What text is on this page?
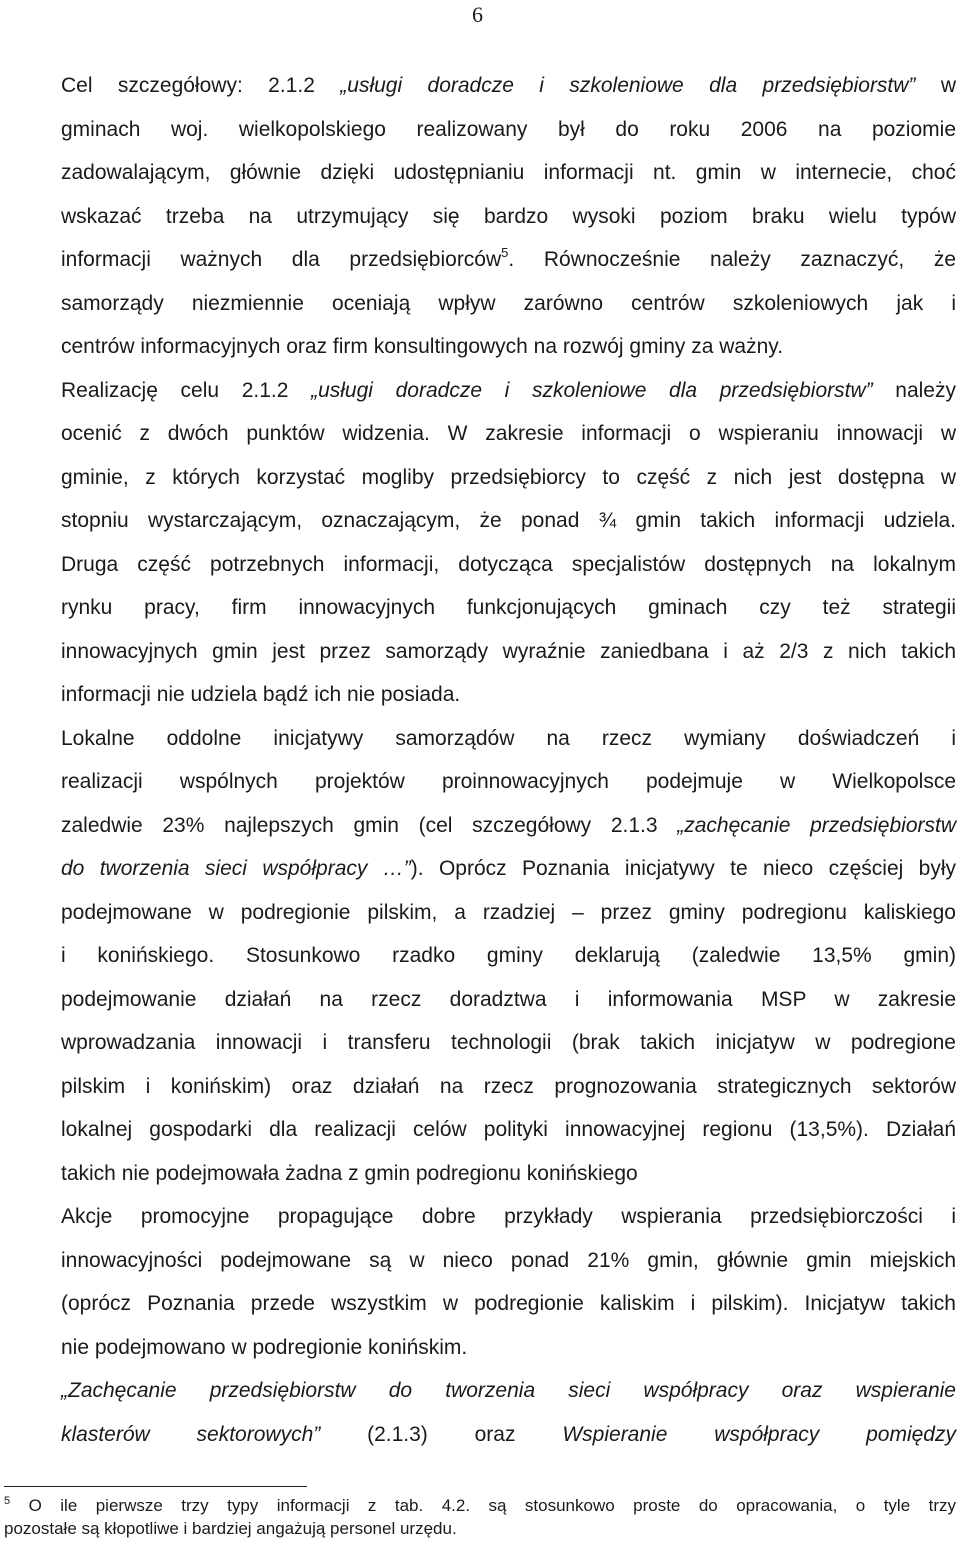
6
Cel szczegółowy: 2.1.2 „usługi doradcze i szkoleniowe dla przedsiębiorstw” w
gminach woj. wielkopolskiego realizowany był do roku 2006 na poziomie
zadowalającym, głównie dzięki udostępnianiu informacji nt. gmin w internecie, choć
wskazać trzeba na utrzymujący się bardzo wysoki poziom braku wielu typów
informacji ważnych dla przedsiębiorców$^5$. Równocześnie należy zaznaczyć, że
samorządy niezmiennie oceniają wpływ zarówno centrów szkoleniowych jak i
centrów informacyjnych oraz firm konsultingowych na rozwój gminy za ważny.
Realizację celu 2.1.2 „usługi doradcze i szkoleniowe dla przedsiębiorstw” należy
ocenić z dwóch punktów widzenia. W zakresie informacji o wspieraniu innowacji w
gminie, z których korzystać mogliby przedsiębiorcy to część z nich jest dostępna w
stopniu wystarczającym, oznaczającym, że ponad ¾ gmin takich informacji udziela.
Druga część potrzebnych informacji, dotycząca specjalistów dostępnych na lokalnym
rynku pracy, firm innowacyjnych funkcjonujących gminach czy też strategii
innowacyjnych gmin jest przez samorządy wyraźnie zaniedbana i aż 2/3 z nich takich
informacji nie udziela bądź ich nie posiada.
Lokalne oddolne inicjatywy samorządów na rzecz wymiany doświadczeń i
realizacji wspólnych projektów proinnowacyjnych podejmuje w Wielkopolsce
zaledwie 23% najlepszych gmin (cel szczegółowy 2.1.3 „zachęcanie przedsiębiorstw
do tworzenia sieci współpracy …”). Oprócz Poznania inicjatywy te nieco częściej były
podejmowane w podregionie pilskim, a rzadziej – przez gminy podregionu kaliskiego
i konińskiego. Stosunkowo rzadko gminy deklarują (zaledwie 13,5% gmin)
podejmowanie działań na rzecz doradztwa i informowania MSP w zakresie
wprowadzania innowacji i transferu technologii (brak takich inicjatyw w podregione
pilskim i konińskim) oraz działań na rzecz prognozowania strategicznych sektorów
lokalnej gospodarki dla realizacji celów polityki innowacyjnej regionu (13,5%). Działań
takich nie podejmowała żadna z gmin podregionu konińskiego
Akcje promocyjne propagujące dobre przykłady wspierania przedsiębiorczości i
innowacyjności podejmowane są w nieco ponad 21% gmin, głównie gmin miejskich
(oprócz Poznania przede wszystkim w podregionie kaliskim i pilskim). Inicjatyw takich
nie podejmowano w podregionie konińskim.
„Zachęcanie przedsiębiorstw do tworzenia sieci współpracy oraz wspieranie
klasterów sektorowych” (2.1.3) oraz Wspieranie współpracy pomiędzy
$^5$ O ile pierwsze trzy typy informacji z tab. 4.2. są stosunkowo proste do opracowania, o tyle trzy
pozostałe są kłopotliwe i bardziej angażują personel urzędu.
